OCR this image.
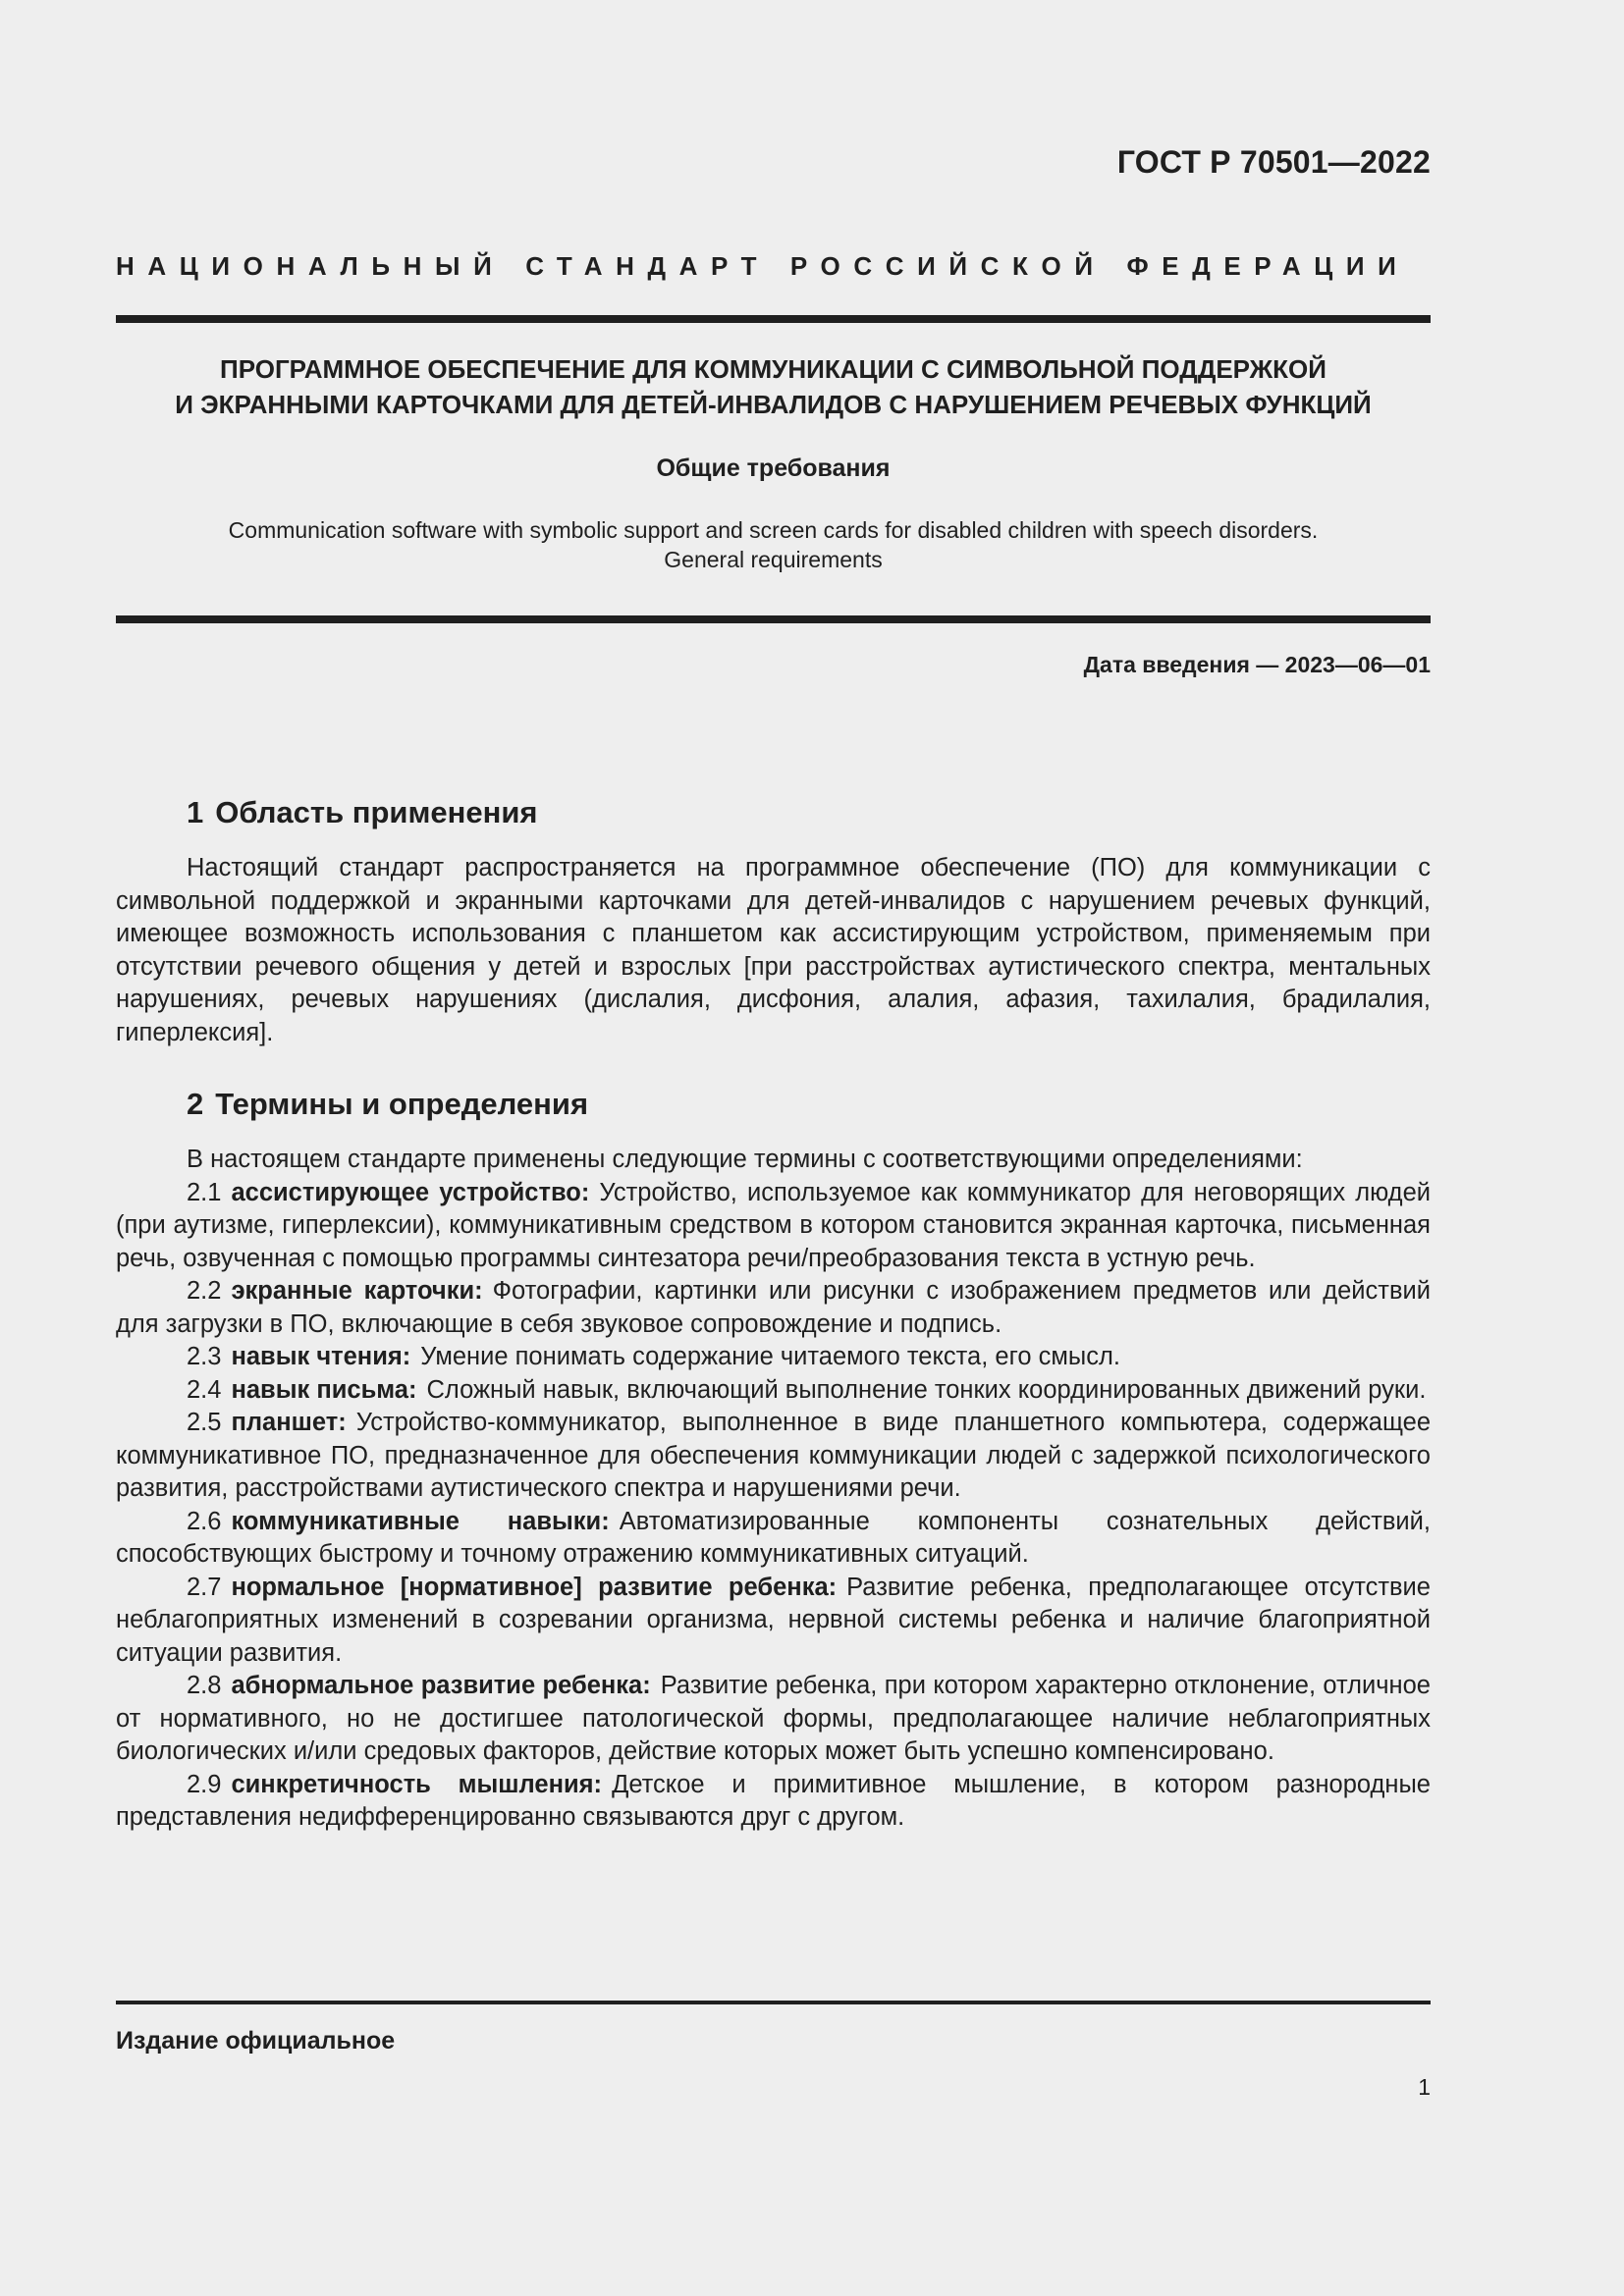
ГОСТ Р 70501—2022
НАЦИОНАЛЬНЫЙ СТАНДАРТ РОССИЙСКОЙ ФЕДЕРАЦИИ
ПРОГРАММНОЕ ОБЕСПЕЧЕНИЕ ДЛЯ КОММУНИКАЦИИ С СИМВОЛЬНОЙ ПОДДЕРЖКОЙ
И ЭКРАННЫМИ КАРТОЧКАМИ ДЛЯ ДЕТЕЙ-ИНВАЛИДОВ С НАРУШЕНИЕМ РЕЧЕВЫХ ФУНКЦИЙ
Общие требования
Communication software with symbolic support and screen cards for disabled children with speech disorders.
General requirements
Дата введения — 2023—06—01
1 Область применения

Настоящий стандарт распространяется на программное обеспечение (ПО) для коммуникации с символьной поддержкой и экранными карточками для детей-инвалидов с нарушением речевых функций, имеющее возможность использования с планшетом как ассистирующим устройством, применяемым при отсутствии речевого общения у детей и взрослых [при расстройствах аутистического спектра, ментальных нарушениях, речевых нарушениях (дислалия, дисфония, алалия, афазия, тахилалия, брадилалия, гиперлексия].

2 Термины и определения

В настоящем стандарте применены следующие термины с соответствующими определениями:

2.1 ассистирующее устройство: Устройство, используемое как коммуникатор для неговорящих людей (при аутизме, гиперлексии), коммуникативным средством в котором становится экранная карточка, письменная речь, озвученная с помощью программы синтезатора речи/преобразования текста в устную речь.

2.2 экранные карточки: Фотографии, картинки или рисунки с изображением предметов или действий для загрузки в ПО, включающие в себя звуковое сопровождение и подпись.

2.3 навык чтения: Умение понимать содержание читаемого текста, его смысл.

2.4 навык письма: Сложный навык, включающий выполнение тонких координированных движений руки.

2.5 планшет: Устройство-коммуникатор, выполненное в виде планшетного компьютера, содержащее коммуникативное ПО, предназначенное для обеспечения коммуникации людей с задержкой психологического развития, расстройствами аутистического спектра и нарушениями речи.

2.6 коммуникативные навыки: Автоматизированные компоненты сознательных действий, способствующих быстрому и точному отражению коммуникативных ситуаций.

2.7 нормальное [нормативное] развитие ребенка: Развитие ребенка, предполагающее отсутствие неблагоприятных изменений в созревании организма, нервной системы ребенка и наличие благоприятной ситуации развития.

2.8 абнормальное развитие ребенка: Развитие ребенка, при котором характерно отклонение, отличное от нормативного, но не достигшее патологической формы, предполагающее наличие неблагоприятных биологических и/или средовых факторов, действие которых может быть успешно компенсировано.

2.9 синкретичность мышления: Детское и примитивное мышление, в котором разнородные представления недифференцированно связываются друг с другом.

Издание официальное
1
